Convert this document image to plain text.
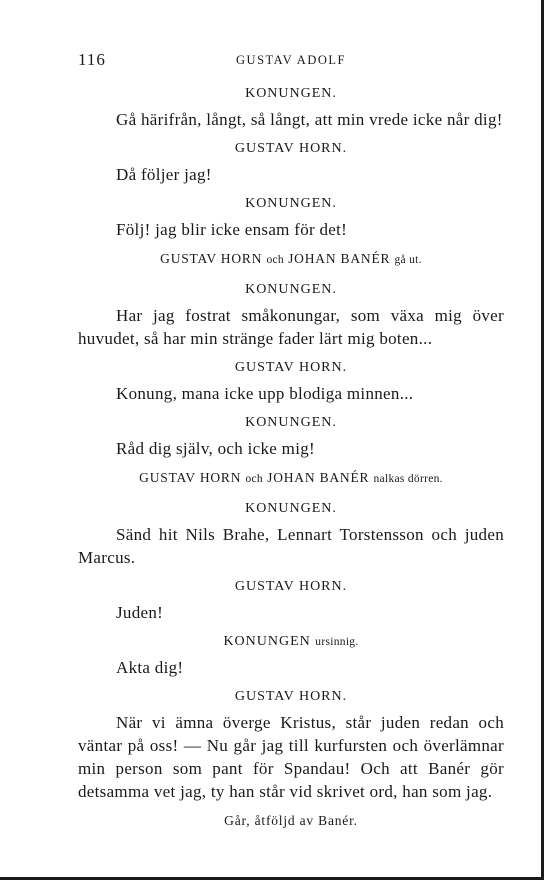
116	GUSTAV ADOLF
KONUNGEN.

Gå härifrån, långt, så långt, att min vrede icke når dig!

GUSTAV HORN.

Då följer jag!

KONUNGEN.

Följ! jag blir icke ensam för det!

GUSTAV HORN och JOHAN BANÉR gå ut.
KONUNGEN.

Har jag fostrat småkonungar, som växa mig över huvudet, så har min stränge fader lärt mig boten...

GUSTAV HORN.

Konung, mana icke upp blodiga minnen...

KONUNGEN.

Råd dig själv, och icke mig!

GUSTAV HORN och JOHAN BANÉR nalkas dörren.
KONUNGEN.

Sänd hit Nils Brahe, Lennart Torstensson och juden Marcus.

GUSTAV HORN.

Juden!

KONUNGEN ursinnig.

Akta dig!

GUSTAV HORN.

När vi ämna överge Kristus, står juden redan och väntar på oss! — Nu går jag till kurfursten och överlämnar min person som pant för Spandau! Och att Banér gör detsamma vet jag, ty han står vid skrivet ord, han som jag.

Går, åtföljd av Banér.
